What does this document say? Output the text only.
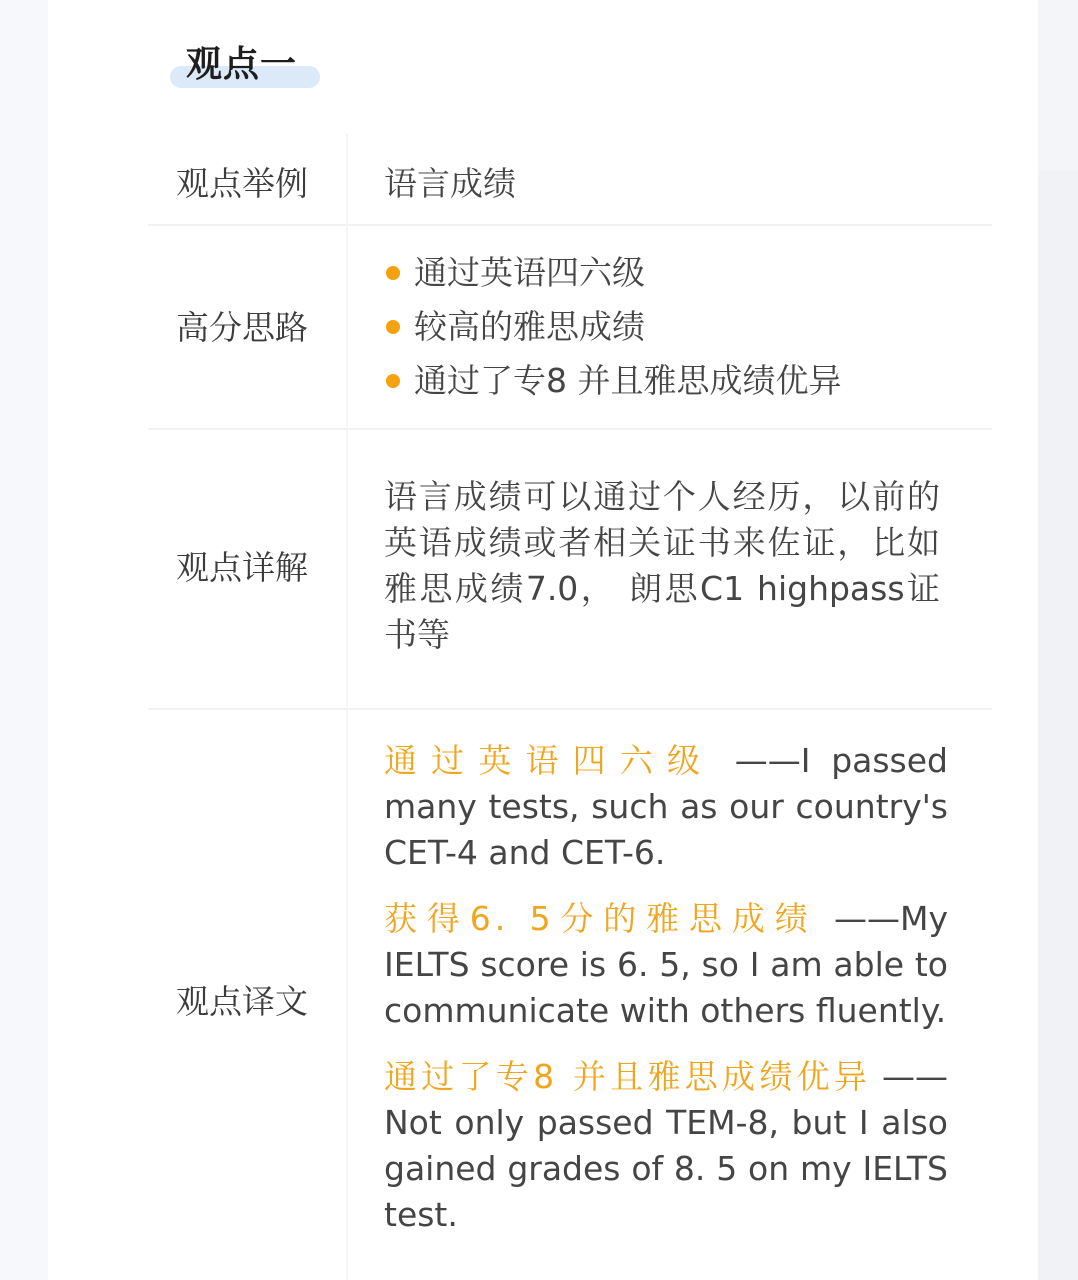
观点一
观点举例 语言成绩
高分思路
通过英语四六级
较高的雅思成绩
通过了专8 并且雅思成绩优异
观点详解
语言成绩可以通过个人经历，以前的英语成绩或者相关证书来佐证，比如雅思成绩7.0， 朗思C1 highpass证书等
观点译文
通过英语四六级 ——I passed many tests, such as our country's CET-4 and CET-6.
获得6. 5分的雅思成绩 ——My IELTS score is 6. 5, so I am able to communicate with others fluently.
通过了专8 并且雅思成绩优异 —— Not only passed TEM-8, but I also gained grades of 8. 5 on my IELTS test.
